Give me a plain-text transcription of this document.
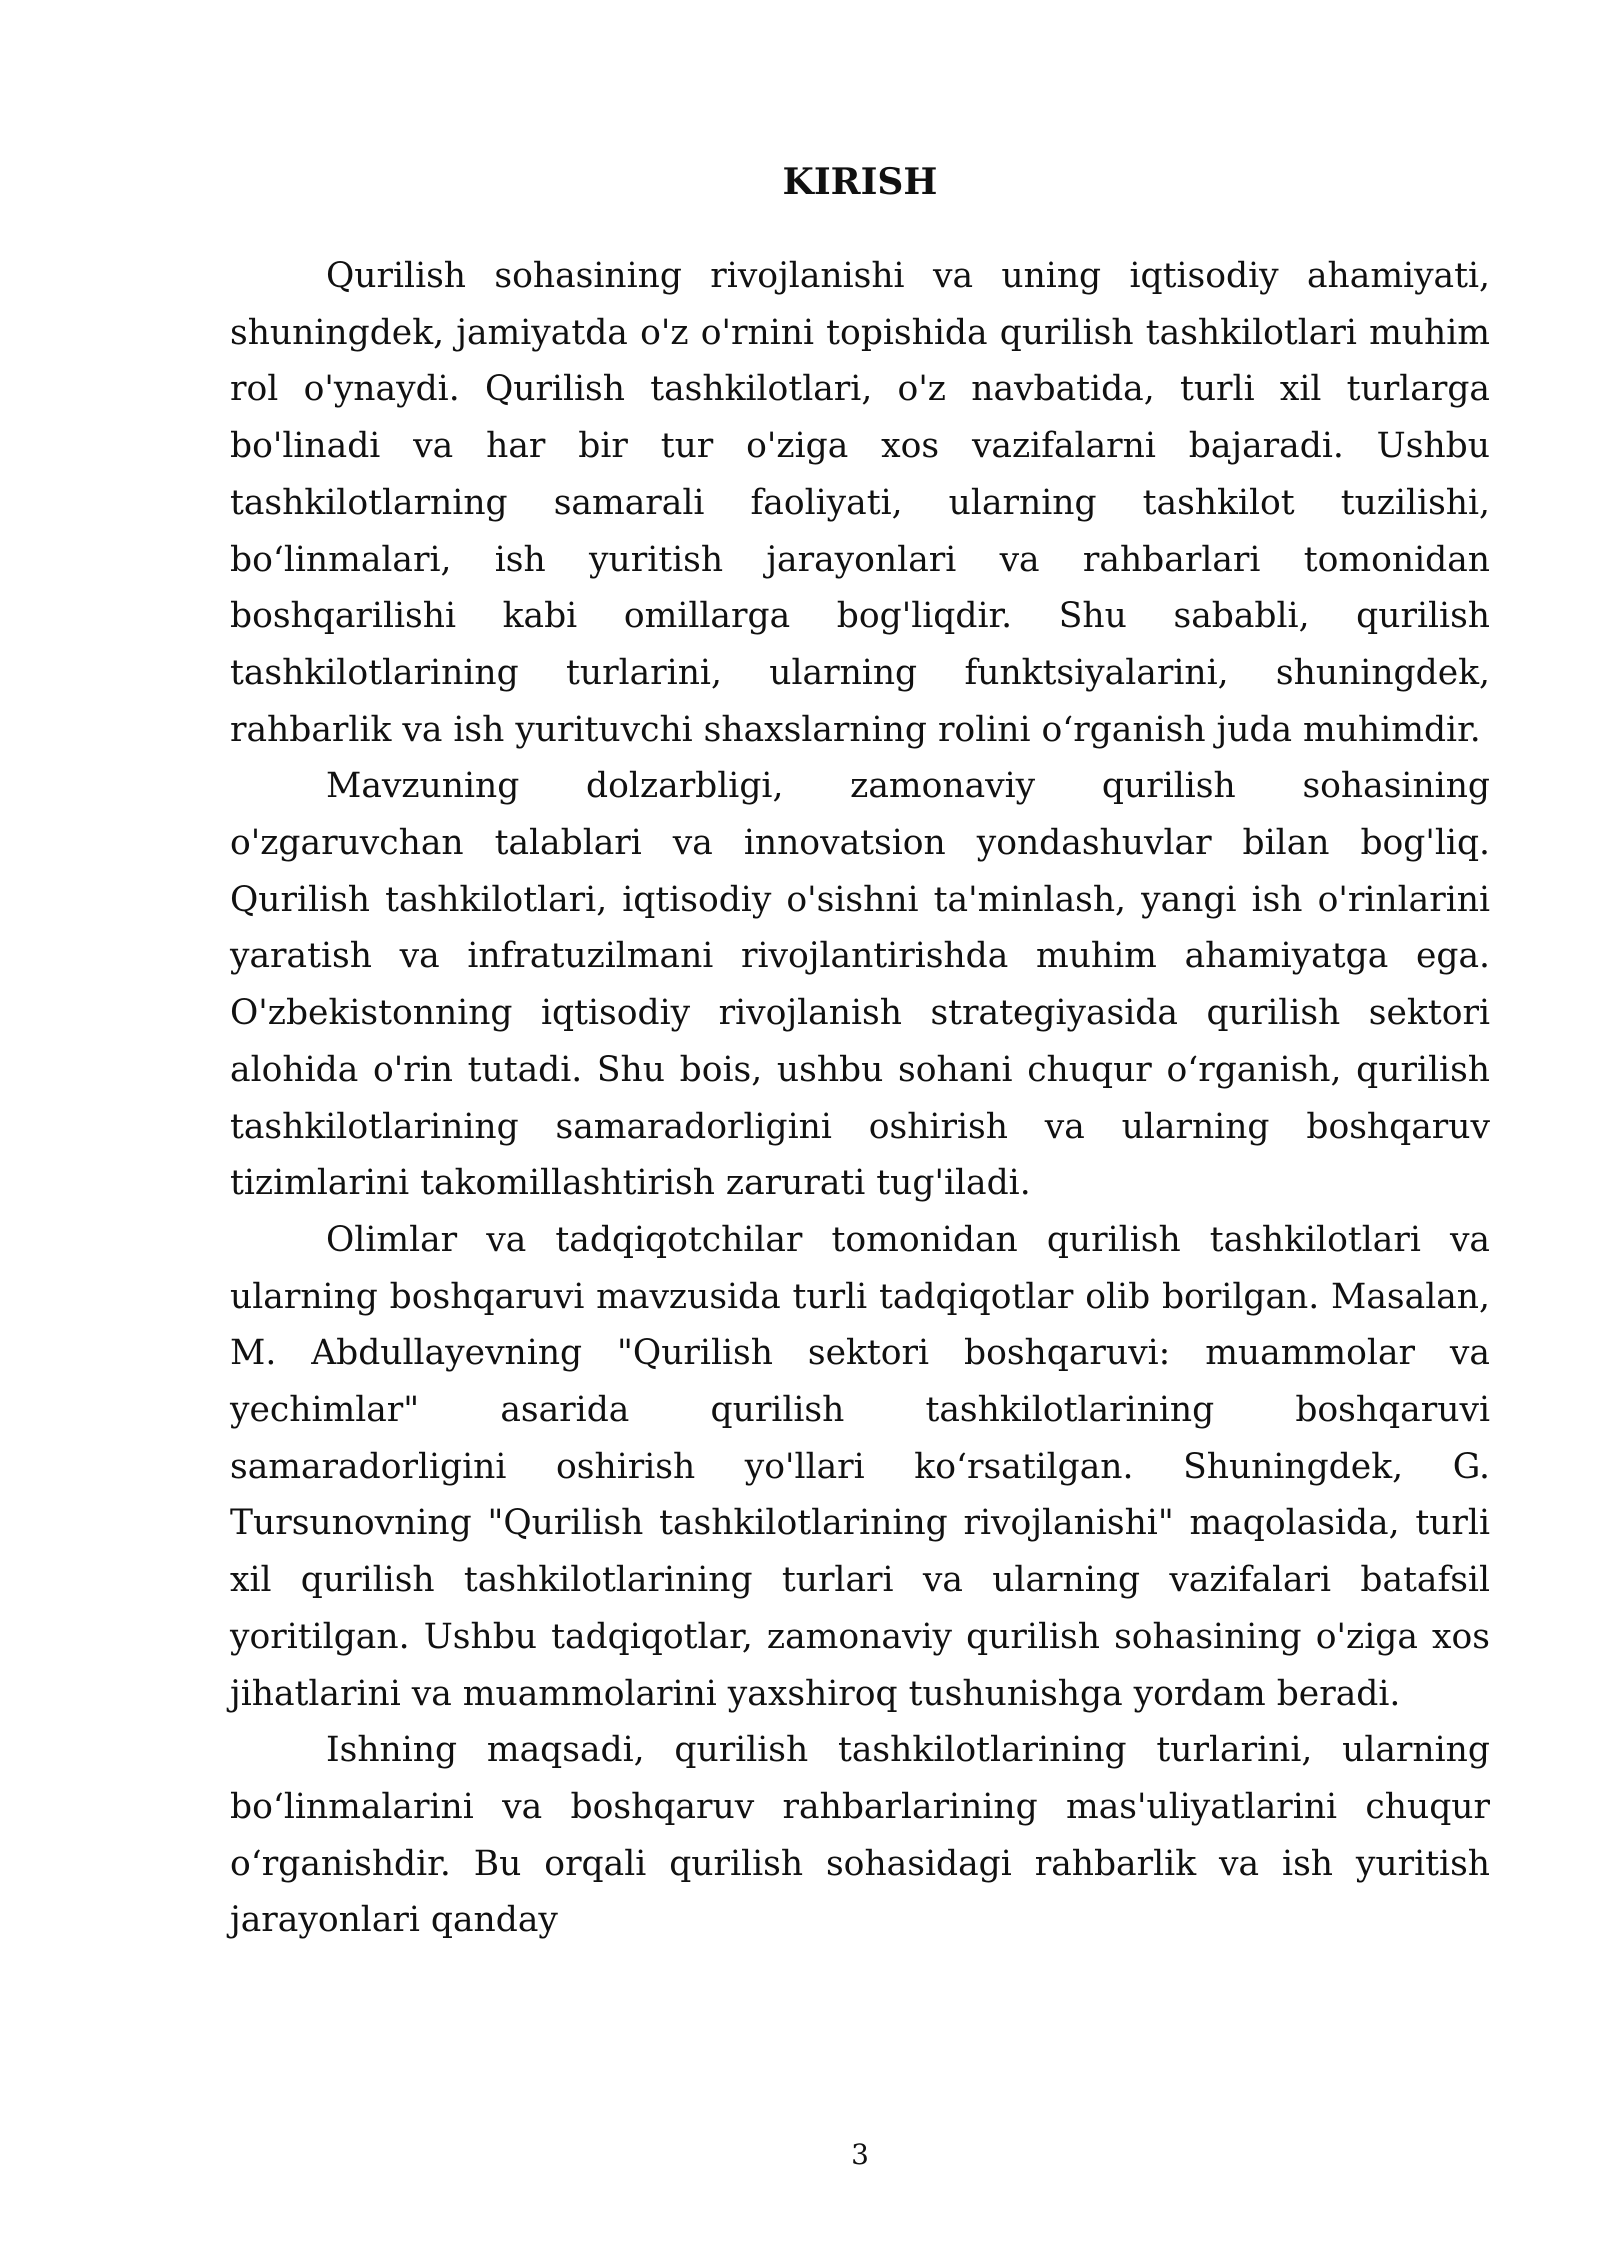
KIRISH

Qurilish sohasining rivojlanishi va uning iqtisodiy ahamiyati, shuningdek, jamiyatda o'z o'rnini topishida qurilish tashkilotlari muhim rol o'ynaydi. Qurilish tashkilotlari, o'z navbatida, turli xil turlarga bo'linadi va har bir tur o'ziga xos vazifalarni bajaradi. Ushbu tashkilotlarning samarali faoliyati, ularning tashkilot tuzilishi, bo‘linmalari, ish yuritish jarayonlari va rahbarlari tomonidan boshqarilishi kabi omillarga bog'liqdir. Shu sababli, qurilish tashkilotlarining turlarini, ularning funktsiyalarini, shuningdek, rahbarlik va ish yurituvchi shaxslarning rolini o‘rganish juda muhimdir.

Mavzuning dolzarbligi, zamonaviy qurilish sohasining o'zgaruvchan talablari va innovatsion yondashuvlar bilan bog'liq. Qurilish tashkilotlari, iqtisodiy o'sishni ta'minlash, yangi ish o'rinlarini yaratish va infratuzilmani rivojlantirishda muhim ahamiyatga ega. O'zbekistonning iqtisodiy rivojlanish strategiyasida qurilish sektori alohida o'rin tutadi. Shu bois, ushbu sohani chuqur o‘rganish, qurilish tashkilotlarining samaradorligini oshirish va ularning boshqaruv tizimlarini takomillashtirish zarurati tug'iladi.

Olimlar va tadqiqotchilar tomonidan qurilish tashkilotlari va ularning boshqaruvi mavzusida turli tadqiqotlar olib borilgan. Masalan, M. Abdullayevning "Qurilish sektori boshqaruvi: muammolar va yechimlar" asarida qurilish tashkilotlarining boshqaruvi samaradorligini oshirish yo'llari ko‘rsatilgan. Shuningdek, G. Tursunovning "Qurilish tashkilotlarining rivojlanishi" maqolasida, turli xil qurilish tashkilotlarining turlari va ularning vazifalari batafsil yoritilgan. Ushbu tadqiqotlar, zamonaviy qurilish sohasining o'ziga xos jihatlarini va muammolarini yaxshiroq tushunishga yordam beradi.

Ishning maqsadi, qurilish tashkilotlarining turlarini, ularning bo‘linmalarini va boshqaruv rahbarlarining mas'uliyatlarini chuqur o‘rganishdir. Bu orqali qurilish sohasidagi rahbarlik va ish yuritish jarayonlari qanday

3
